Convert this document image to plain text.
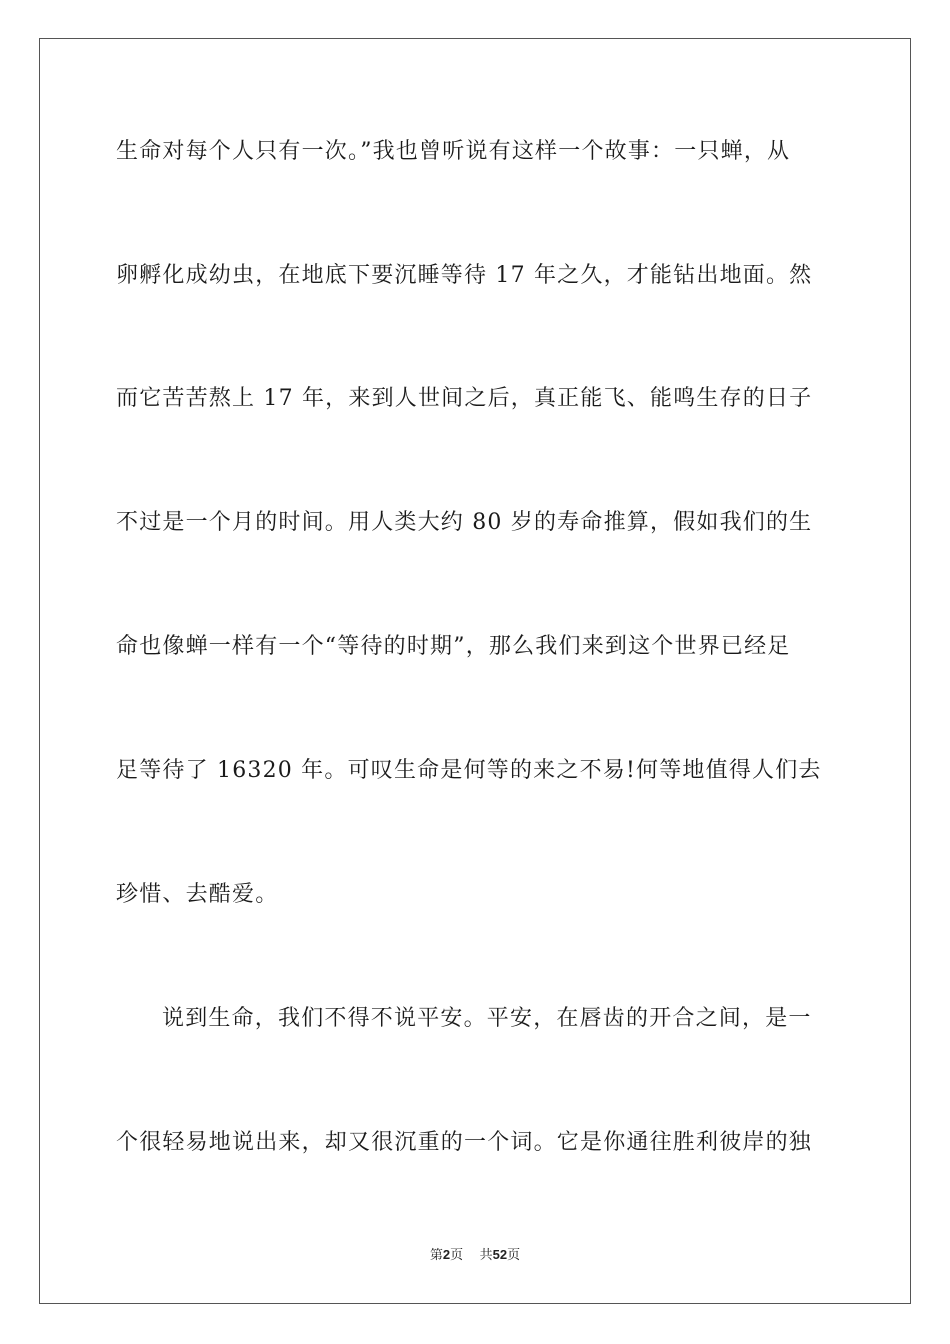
生命对每个人只有一次。”我也曾听说有这样一个故事：一只蝉，从
卵孵化成幼虫，在地底下要沉睡等待 17 年之久，才能钻出地面。然
而它苦苦熬上 17 年，来到人世间之后，真正能飞、能鸣生存的日子
不过是一个月的时间。用人类大约 80 岁的寿命推算，假如我们的生
命也像蝉一样有一个“等待的时期”，那么我们来到这个世界已经足
足等待了 16320 年。可叹生命是何等的来之不易!何等地值得人们去
珍惜、去酷爱。
说到生命，我们不得不说平安。平安，在唇齿的开合之间，是一
个很轻易地说出来，却又很沉重的一个词。它是你通往胜利彼岸的独
第2页 共52页
